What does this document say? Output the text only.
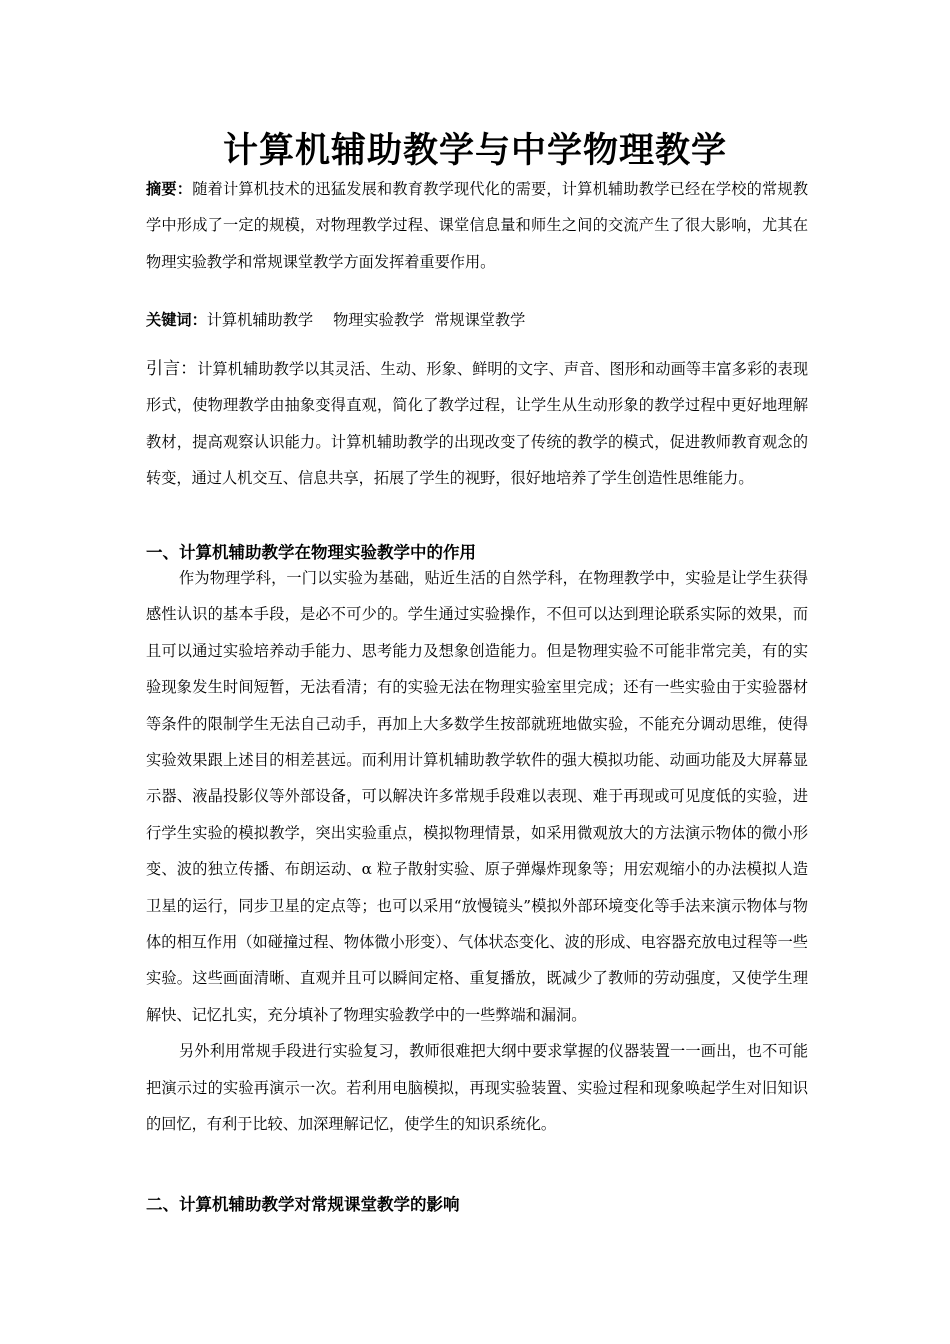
计算机辅助教学与中学物理教学

摘要：随着计算机技术的迅猛发展和教育教学现代化的需要，计算机辅助教学已经在学校的常规教学中形成了一定的规模，对物理教学过程、课堂信息量和师生之间的交流产生了很大影响，尤其在物理实验教学和常规课堂教学方面发挥着重要作用。

关键词：计算机辅助教学 物理实验教学 常规课堂教学

引言：计算机辅助教学以其灵活、生动、形象、鲜明的文字、声音、图形和动画等丰富多彩的表现形式，使物理教学由抽象变得直观，简化了教学过程，让学生从生动形象的教学过程中更好地理解教材，提高观察认识能力。计算机辅助教学的出现改变了传统的教学的模式，促进教师教育观念的转变，通过人机交互、信息共享，拓展了学生的视野，很好地培养了学生创造性思维能力。

一、计算机辅助教学在物理实验教学中的作用

作为物理学科，一门以实验为基础，贴近生活的自然学科，在物理教学中，实验是让学生获得感性认识的基本手段，是必不可少的。学生通过实验操作，不但可以达到理论联系实际的效果，而且可以通过实验培养动手能力、思考能力及想象创造能力。但是物理实验不可能非常完美，有的实验现象发生时间短暂，无法看清；有的实验无法在物理实验室里完成；还有一些实验由于实验器材等条件的限制学生无法自己动手，再加上大多数学生按部就班地做实验，不能充分调动思维，使得实验效果跟上述目的相差甚远。而利用计算机辅助教学软件的强大模拟功能、动画功能及大屏幕显示器、液晶投影仪等外部设备，可以解决许多常规手段难以表现、难于再现或可见度低的实验，进行学生实验的模拟教学，突出实验重点，模拟物理情景，如采用微观放大的方法演示物体的微小形变、波的独立传播、布朗运动、α 粒子散射实验、原子弹爆炸现象等；用宏观缩小的办法模拟人造卫星的运行，同步卫星的定点等；也可以采用“放慢镜头”模拟外部环境变化等手法来演示物体与物体的相互作用（如碰撞过程、物体微小形变）、气体状态变化、波的形成、电容器充放电过程等一些实验。这些画面清晰、直观并且可以瞬间定格、重复播放，既减少了教师的劳动强度，又使学生理解快、记忆扎实，充分填补了物理实验教学中的一些弊端和漏洞。

另外利用常规手段进行实验复习，教师很难把大纲中要求掌握的仪器装置一一画出，也不可能把演示过的实验再演示一次。若利用电脑模拟，再现实验装置、实验过程和现象唤起学生对旧知识的回忆，有利于比较、加深理解记忆，使学生的知识系统化。

二、计算机辅助教学对常规课堂教学的影响
